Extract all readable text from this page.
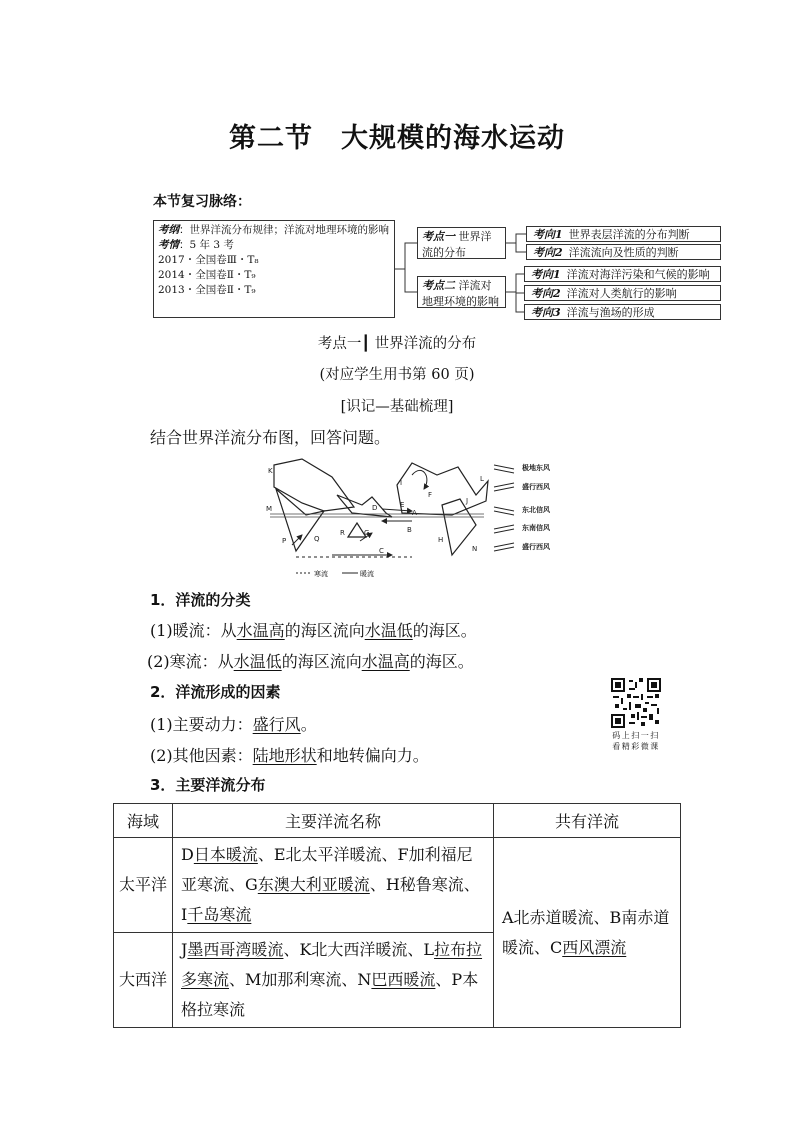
第二节 大规模的海水运动
本节复习脉络：
考纲：世界洋流分布规律；洋流对地理环境的影响
考情：5 年 3 考
2017・全国卷Ⅲ・T₈
2014・全国卷Ⅱ・T₉
2013・全国卷Ⅱ・T₉
考点一 世界洋流的分布
考点二 洋流对地理环境的影响
考向1 世界表层洋流的分布判断
考向2 洋流流向及性质的判断
考向1 洋流对海洋污染和气候的影响
考向2 洋流对人类航行的影响
考向3 洋流与渔场的形成
考点一┃ 世界洋流的分布
(对应学生用书第 60 页)
[识记—基础梳理]
结合世界洋流分布图，回答问题。
K
M
P	Q
R	G
D
I
E
A
B
C
F
L
J
H
N
极地东风
盛行西风
东北信风
东南信风
盛行西风
寒流	暖流
1．洋流的分类
(1)暖流：从水温高的海区流向水温低的海区。
(2)寒流：从水温低的海区流向水温高的海区。
2．洋流形成的因素
(1)主要动力：盛行风。
(2)其他因素：陆地形状和地转偏向力。
码上扫一扫
看精彩微课
3．主要洋流分布
海域	主要洋流名称	共有洋流
太平洋	D日本暖流、E北太平洋暖流、F加利福尼亚寒流、G东澳大利亚暖流、H秘鲁寒流、I千岛寒流	A北赤道暖流、B南赤道暖流、C西风漂流
大西洋	J墨西哥湾暖流、K北大西洋暖流、L拉布拉多寒流、M加那利寒流、N巴西暖流、P本格拉寒流	
